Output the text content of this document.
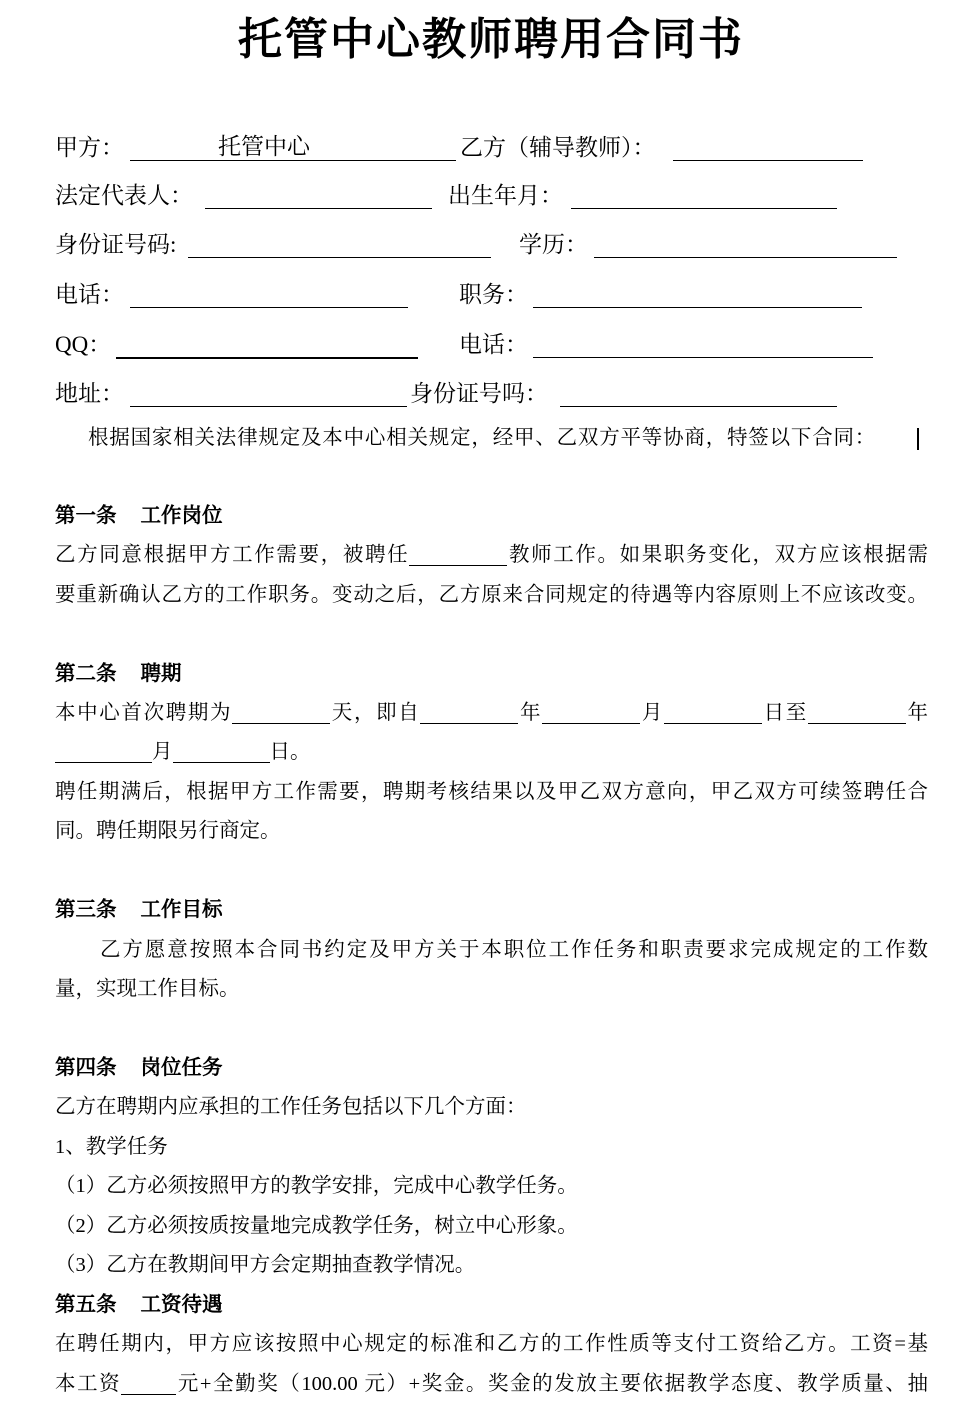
托管中心教师聘用合同书
甲方：	托管中心	乙方（辅导教师）：
法定代表人：	出生年月：
身份证号码:	学历：
电话：	职务：
QQ：	电话：
地址：	身份证号吗：
根据国家相关法律规定及本中心相关规定，经甲、乙双方平等协商，特签以下合同：
第一条 工作岗位
乙方同意根据甲方工作需要，被聘任	教师工作。如果职务变化，双方应该根据需
要重新确认乙方的工作职务。变动之后，乙方原来合同规定的待遇等内容原则上不应该改变。
第二条 聘期
本中心首次聘期为	天，即自	年	月	日至	年
月	日。
聘任期满后，根据甲方工作需要，聘期考核结果以及甲乙双方意向，甲乙双方可续签聘任合
同。聘任期限另行商定。
第三条 工作目标
乙方愿意按照本合同书约定及甲方关于本职位工作任务和职责要求完成规定的工作数
量，实现工作目标。
第四条 岗位任务
乙方在聘期内应承担的工作任务包括以下几个方面：
1、教学任务
（1）乙方必须按照甲方的教学安排，完成中心教学任务。
（2）乙方必须按质按量地完成教学任务，树立中心形象。
（3）乙方在教期间甲方会定期抽查教学情况。
第五条 工资待遇
在聘任期内，甲方应该按照中心规定的标准和乙方的工作性质等支付工资给乙方。工资=基
本工资	元+全勤奖（100.00 元）+奖金。奖金的发放主要依据教学态度、教学质量、抽
